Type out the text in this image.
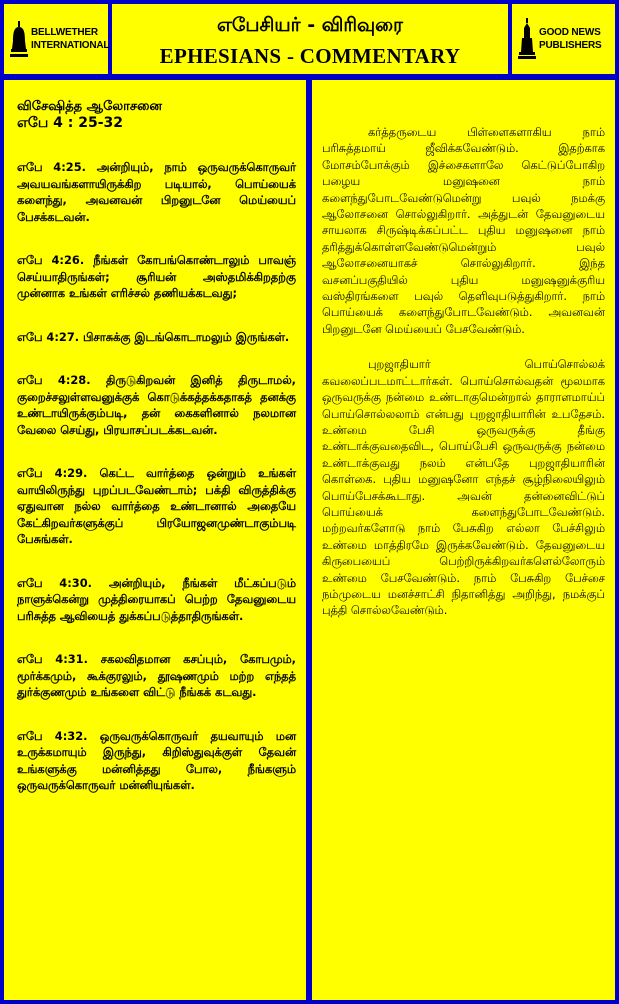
BELLWETHER
INTERNATIONAL
எபேசியர் - விரிவுரை
EPHESIANS - COMMENTARY
GOOD NEWS
PUBLISHERS
விசேஷித்த ஆலோசனை
எபே 4 : 25-32

எபே 4:25. அன்றியும், நாம் ஒருவருக்கொருவர் அவயவங்களாயிருக்கிற படியால், பொய்யைக் களைந்து, அவனவன் பிறனுடனே மெய்யைப் பேசக்கடவன்.

எபே 4:26. நீங்கள் கோபங்கொண்டாலும் பாவஞ் செய்யாதிருங்கள்; சூரியன் அஸ்தமிக்கிறதற்கு முன்னாக உங்கள் எரிச்சல் தணியக்கடவது;

எபே 4:27. பிசாசுக்கு இடங்கொடாமலும் இருங்கள்.

எபே 4:28. திருடுகிறவன் இனித் திருடாமல், குறைச்சலுள்ளவனுக்குக் கொடுக்கத்தக்கதாகத் தனக்கு உண்டாயிருக்கும்படி, தன் கைகளினால் நலமான வேலை செய்து, பிரயாசப்படக்கடவன்.

எபே 4:29. கெட்ட வார்த்தை ஒன்றும் உங்கள் வாயிலிருந்து புறப்படவேண்டாம்; பக்தி விருத்திக்கு ஏதுவான நல்ல வார்த்தை உண்டானால் அதையே கேட்கிறவர்களுக்குப் பிரயோஜனமுண்டாகும்படி பேசுங்கள்.

எபே 4:30. அன்றியும், நீங்கள் மீட்கப்படும் நாளுக்கென்று முத்திரையாகப் பெற்ற தேவனுடைய பரிசுத்த ஆவியைத் துக்கப்படுத்தாதிருங்கள்.

எபே 4:31. சகலவிதமான கசப்பும், கோபமும், மூர்க்கமும், கூக்குரலும், தூஷணமும் மற்ற எந்தத் துர்க்குணமும் உங்களை விட்டு நீங்கக் கடவது.

எபே 4:32. ஒருவருக்கொருவர் தயவாயும் மன உருக்கமாயும் இருந்து, கிறிஸ்துவுக்குள் தேவன் உங்களுக்கு மன்னித்தது போல, நீங்களும் ஒருவருக்கொருவர் மன்னியுங்கள்.

கர்த்தருடைய பிள்ளைகளாகிய நாம் பரிசுத்தமாய் ஜீவிக்கவேண்டும். இதற்காக மோசம்போக்கும் இச்சைகளாலே கெட்டுப்போகிற பழைய மனுஷனை நாம் களைந்துபோடவேண்டுமென்று பவுல் நமக்கு ஆலோசனை சொல்லுகிறார். அத்துடன் தேவனுடைய சாயலாக சிருஷ்டிக்கப்பட்ட புதிய மனுஷனை நாம் தரித்துக்கொள்ளவேண்டுமென்றும் பவுல் ஆலோசனையாகச் சொல்லுகிறார். இந்த வசனப்பகுதியில் புதிய மனுஷனுக்குரிய வஸ்திரங்களை பவுல் தெளிவுபடுத்துகிறார். நாம் பொய்யைக் களைந்துபோடவேண்டும். அவனவன் பிறனுடனே மெய்யைப் பேசவேண்டும்.

புறஜாதியார் பொய்சொல்லக் கவலைப்படமாட்டார்கள். பொய்சொல்வதன் மூலமாக ஒருவருக்கு நன்மை உண்டாகுமென்றால் தாராளமாய்ப் பொய்சொல்லலாம் என்பது புறஜாதியாரின் உபதேசம். உண்மை பேசி ஒருவருக்கு தீங்கு உண்டாக்குவதைவிட, பொய்பேசி ஒருவருக்கு நன்மை உண்டாக்குவது நலம் என்பதே புறஜாதியாரின் கொள்கை. புதிய மனுஷனோ எந்தச் சூழ்நிலையிலும் பொய்பேசக்கூடாது. அவன் தன்னைவிட்டுப் பொய்யைக் களைந்துபோடவேண்டும். மற்றவர்களோடு நாம் பேசுகிற எல்லா பேச்சிலும் உண்மை மாத்திரமே இருக்கவேண்டும். தேவனுடைய கிருபையைப் பெற்றிருக்கிறவர்களெல்லோரும் உண்மை பேசவேண்டும். நாம் பேசுகிற பேச்சை நம்முடைய மனச்சாட்சி நிதானித்து அறிந்து, நமக்குப் புத்தி சொல்லவேண்டும்.
